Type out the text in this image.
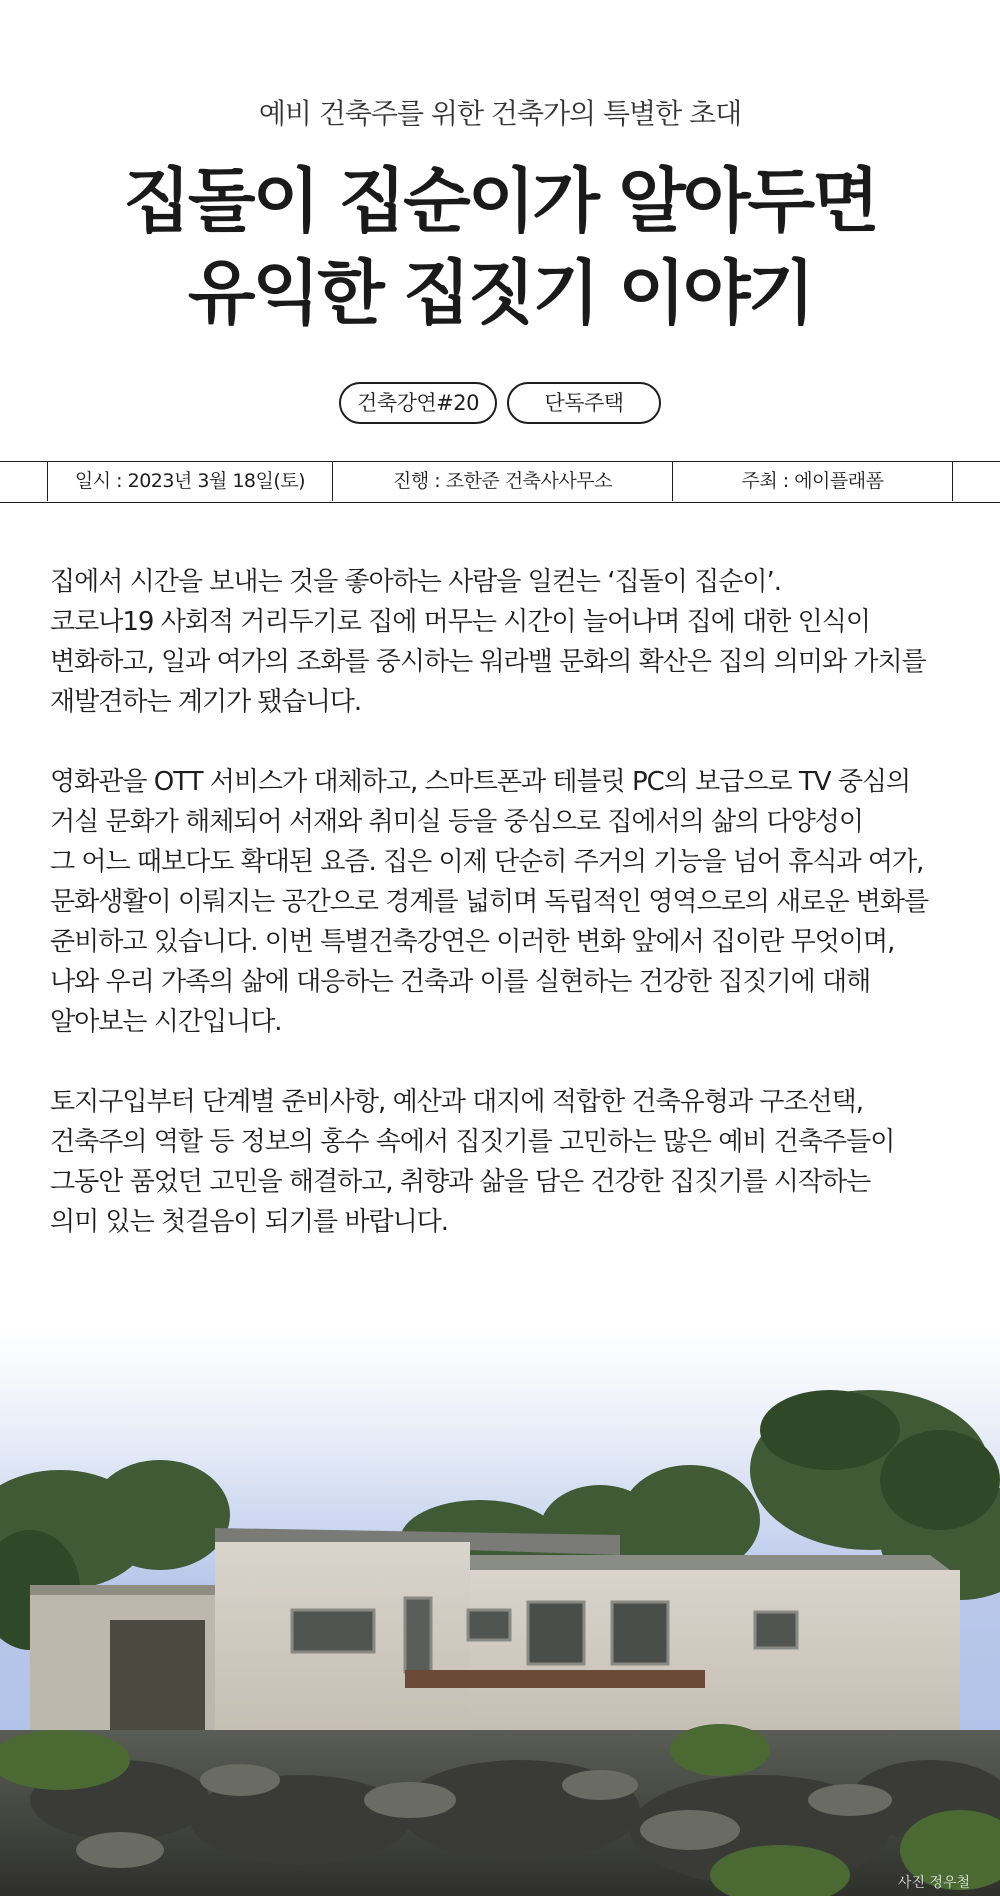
예비 건축주를 위한 건축가의 특별한 초대
집돌이 집순이가 알아두면
유익한 집짓기 이야기
건축강연#20	단독주택
일시 : 2023년 3월 18일(토)	진행 : 조한준 건축사사무소	주최 : 에이플래폼

집에서 시간을 보내는 것을 좋아하는 사람을 일컫는 ‘집돌이 집순이’.
코로나19 사회적 거리두기로 집에 머무는 시간이 늘어나며 집에 대한 인식이
변화하고, 일과 여가의 조화를 중시하는 워라밸 문화의 확산은 집의 의미와 가치를
재발견하는 계기가 됐습니다.

영화관을 OTT 서비스가 대체하고, 스마트폰과 테블릿 PC의 보급으로 TV 중심의
거실 문화가 해체되어 서재와 취미실 등을 중심으로 집에서의 삶의 다양성이
그 어느 때보다도 확대된 요즘. 집은 이제 단순히 주거의 기능을 넘어 휴식과 여가,
문화생활이 이뤄지는 공간으로 경계를 넓히며 독립적인 영역으로의 새로운 변화를
준비하고 있습니다. 이번 특별건축강연은 이러한 변화 앞에서 집이란 무엇이며,
나와 우리 가족의 삶에 대응하는 건축과 이를 실현하는 건강한 집짓기에 대해
알아보는 시간입니다.

토지구입부터 단계별 준비사항, 예산과 대지에 적합한 건축유형과 구조선택,
건축주의 역할 등 정보의 홍수 속에서 집짓기를 고민하는 많은 예비 건축주들이
그동안 품었던 고민을 해결하고, 취향과 삶을 담은 건강한 집짓기를 시작하는
의미 있는 첫걸음이 되기를 바랍니다.

사진 정우철
